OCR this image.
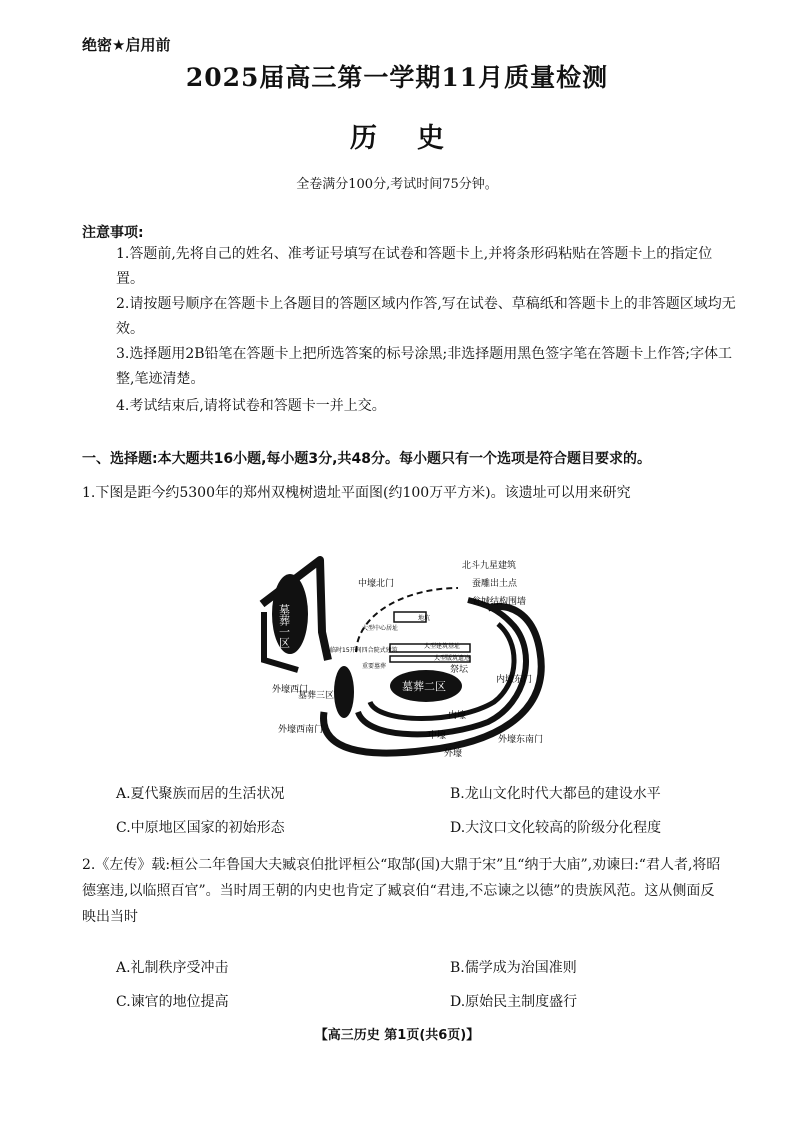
绝密★启用前
2025届高三第一学期11月质量检测
历史
全卷满分100分,考试时间75分钟。
注意事项:
1.答题前,先将自己的姓名、准考证号填写在试卷和答题卡上,并将条形码粘贴在答题卡上的指定位置。
2.请按题号顺序在答题卡上各题目的答题区域内作答,写在试卷、草稿纸和答题卡上的非答题区域均无效。
3.选择题用2B铅笔在答题卡上把所选答案的标号涂黑;非选择题用黑色签字笔在答题卡上作答;字体工整,笔迹清楚。
4.考试结束后,请将试卷和答题卡一并上交。
一、选择题:本大题共16小题,每小题3分,共48分。每小题只有一个选项是符合题目要求的。
1.下图是距今约5300年的郑州双槐树遗址平面图(约100万平方米)。该遗址可以用来研究
墓葬一区
墓葬二区
中壕北门
北斗九星建筑
蚕雕出土点
瓮城结构围墙
地坑
大型中心居址
大型建筑基址
大型版筑遗迹
临时15开间四合院式建筑
重要墓葬	祭坛
内壕东门
外壕西门
墓葬三区
外壕西南门
内壕
中壕
外壕
外壕东南门
A.夏代聚族而居的生活状况	B.龙山文化时代大都邑的建设水平
C.中原地区国家的初始形态	D.大汶口文化较高的阶级分化程度
2.《左传》载:桓公二年鲁国大夫臧哀伯批评桓公“取郜(国)大鼎于宋”且“纳于大庙”,劝谏曰:“君人者,将昭德塞违,以临照百官”。当时周王朝的内史也肯定了臧哀伯“君违,不忘谏之以德”的贵族风范。这从侧面反映出当时
A.礼制秩序受冲击	B.儒学成为治国准则
C.谏官的地位提高	D.原始民主制度盛行
【高三历史 第1页(共6页)】
